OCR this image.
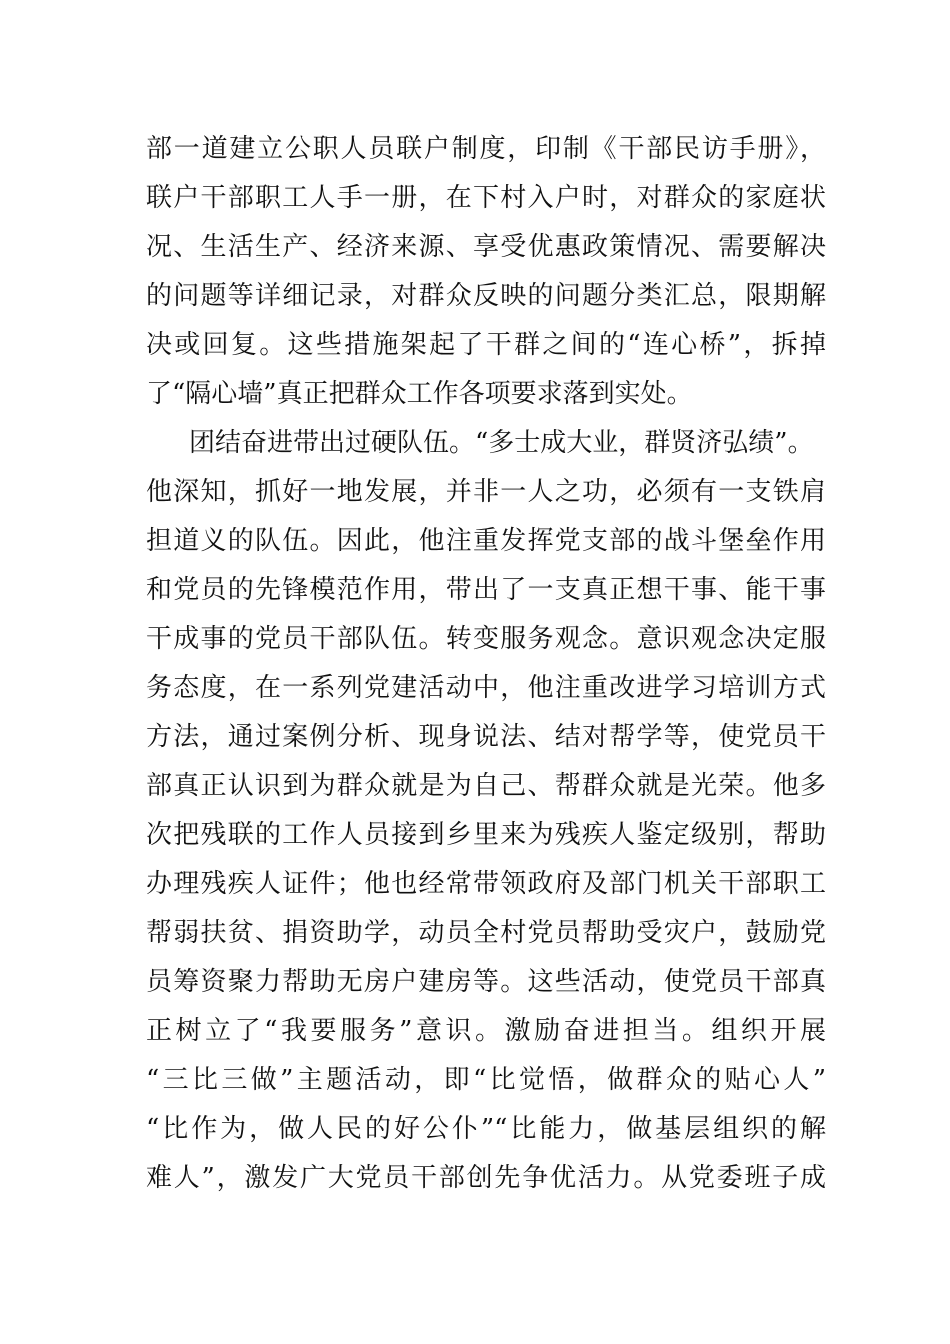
部一道建立公职人员联户制度，印制《干部民访手册》，
联户干部职工人手一册，在下村入户时，对群众的家庭状
况、生活生产、经济来源、享受优惠政策情况、需要解决
的问题等详细记录，对群众反映的问题分类汇总，限期解
决或回复。这些措施架起了干群之间的“连心桥”，拆掉
了“隔心墙”真正把群众工作各项要求落到实处。
团结奋进带出过硬队伍。“多士成大业，群贤济弘绩”。
他深知，抓好一地发展，并非一人之功，必须有一支铁肩
担道义的队伍。因此，他注重发挥党支部的战斗堡垒作用
和党员的先锋模范作用，带出了一支真正想干事、能干事
干成事的党员干部队伍。转变服务观念。意识观念决定服
务态度，在一系列党建活动中，他注重改进学习培训方式
方法，通过案例分析、现身说法、结对帮学等，使党员干
部真正认识到为群众就是为自己、帮群众就是光荣。他多
次把残联的工作人员接到乡里来为残疾人鉴定级别，帮助
办理残疾人证件；他也经常带领政府及部门机关干部职工
帮弱扶贫、捐资助学，动员全村党员帮助受灾户，鼓励党
员筹资聚力帮助无房户建房等。这些活动，使党员干部真
正树立了“我要服务”意识。激励奋进担当。组织开展
“三比三做”主题活动，即“比觉悟，做群众的贴心人”
“比作为，做人民的好公仆”“比能力，做基层组织的解
难人”，激发广大党员干部创先争优活力。从党委班子成
